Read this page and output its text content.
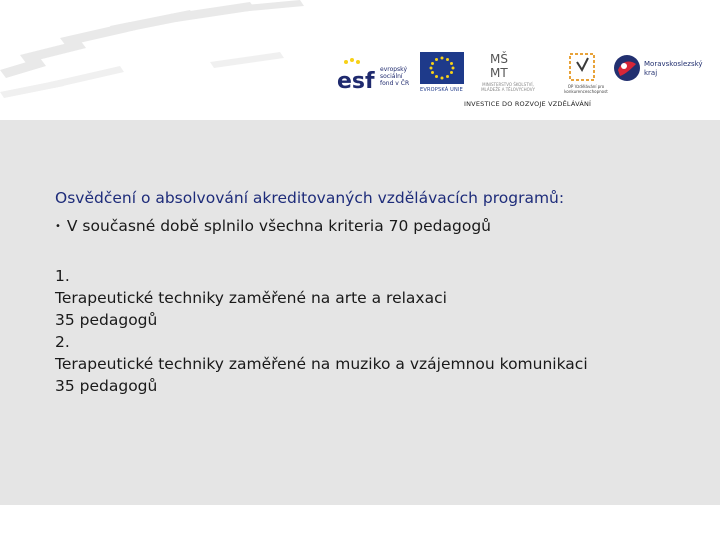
esf evropský
sociální
fond v ČR
EVROPSKÁ UNIE
MŠ
MT
MINISTERSTVO ŠKOLSTVÍ, MLÁDEŽE A TĚLOVÝCHOVY
OP Vzdělávání pro konkurenceschopnost
Moravskoslezský
kraj
INVESTICE DO ROZVOJE VZDĚLÁVÁNÍ
Osvědčení o absolvování akreditovaných vzdělávacích programů:
• V současné době splnilo všechna kriteria 70 pedagogů
1.
Terapeutické techniky zaměřené na arte a relaxaci
35 pedagogů
2.
Terapeutické techniky zaměřené na muziko a vzájemnou komunikaci
35 pedagogů
